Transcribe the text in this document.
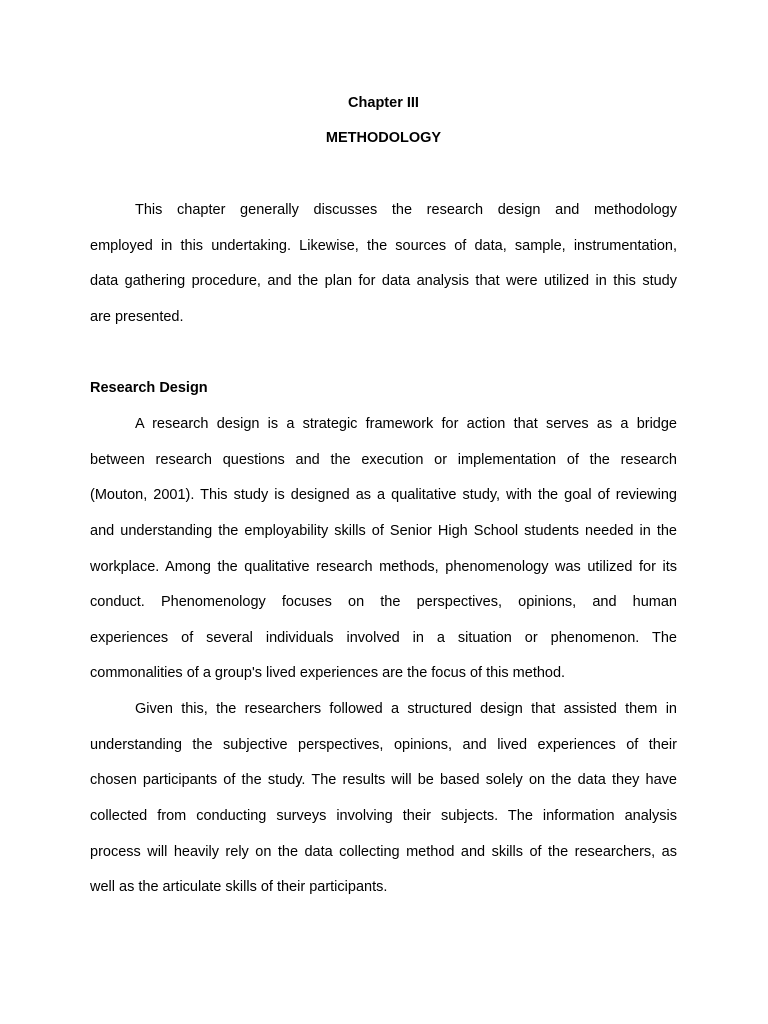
Chapter III
METHODOLOGY
This chapter generally discusses the research design and methodology
employed in this undertaking. Likewise, the sources of data, sample, instrumentation,
data gathering procedure, and the plan for data analysis that were utilized in this study
are presented.
Research Design
A research design is a strategic framework for action that serves as a bridge
between research questions and the execution or implementation of the research
(Mouton, 2001). This study is designed as a qualitative study, with the goal of reviewing
and understanding the employability skills of Senior High School students needed in the
workplace. Among the qualitative research methods, phenomenology was utilized for its
conduct. Phenomenology focuses on the perspectives, opinions, and human
experiences of several individuals involved in a situation or phenomenon. The
commonalities of a group's lived experiences are the focus of this method.
Given this, the researchers followed a structured design that assisted them in
understanding the subjective perspectives, opinions, and lived experiences of their
chosen participants of the study. The results will be based solely on the data they have
collected from conducting surveys involving their subjects. The information analysis
process will heavily rely on the data collecting method and skills of the researchers, as
well as the articulate skills of their participants.
